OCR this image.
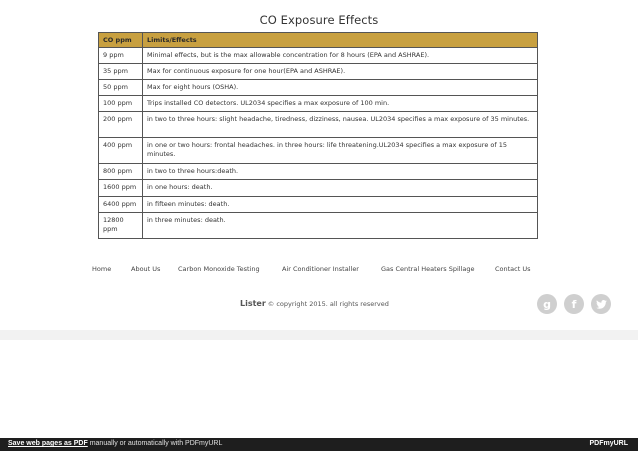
CO Exposure Effects
CO ppm	Limits/Effects
9 ppm	Minimal effects, but is the max allowable concentration for 8 hours (EPA and ASHRAE).
35 ppm	Max for continuous exposure for one hour(EPA and ASHRAE).
50 ppm	Max for eight hours (OSHA).
100 ppm	Trips installed CO detectors. UL2034 specifies a max exposure of 100 min.
200 ppm	in two to three hours: slight headache, tiredness, dizziness, nausea. UL2034 specifies a max exposure of 35 minutes.
400 ppm	in one or two hours: frontal headaches. in three hours: life threatening.UL2034 specifies a max exposure of 15 minutes.
800 ppm	in two to three hours:death.
1600 ppm	in one hours: death.
6400 ppm	in fifteen minutes: death.
12800 ppm	in three minutes: death.
Home	About Us	Carbon Monoxide Testing	Air Conditioner Installer	Gas Central Heaters Spillage	Contact Us
Lister © copyright 2015. all rights reserved	g f
Save web pages as PDF manually or automatically with PDFmyURL	PDFmyURL
